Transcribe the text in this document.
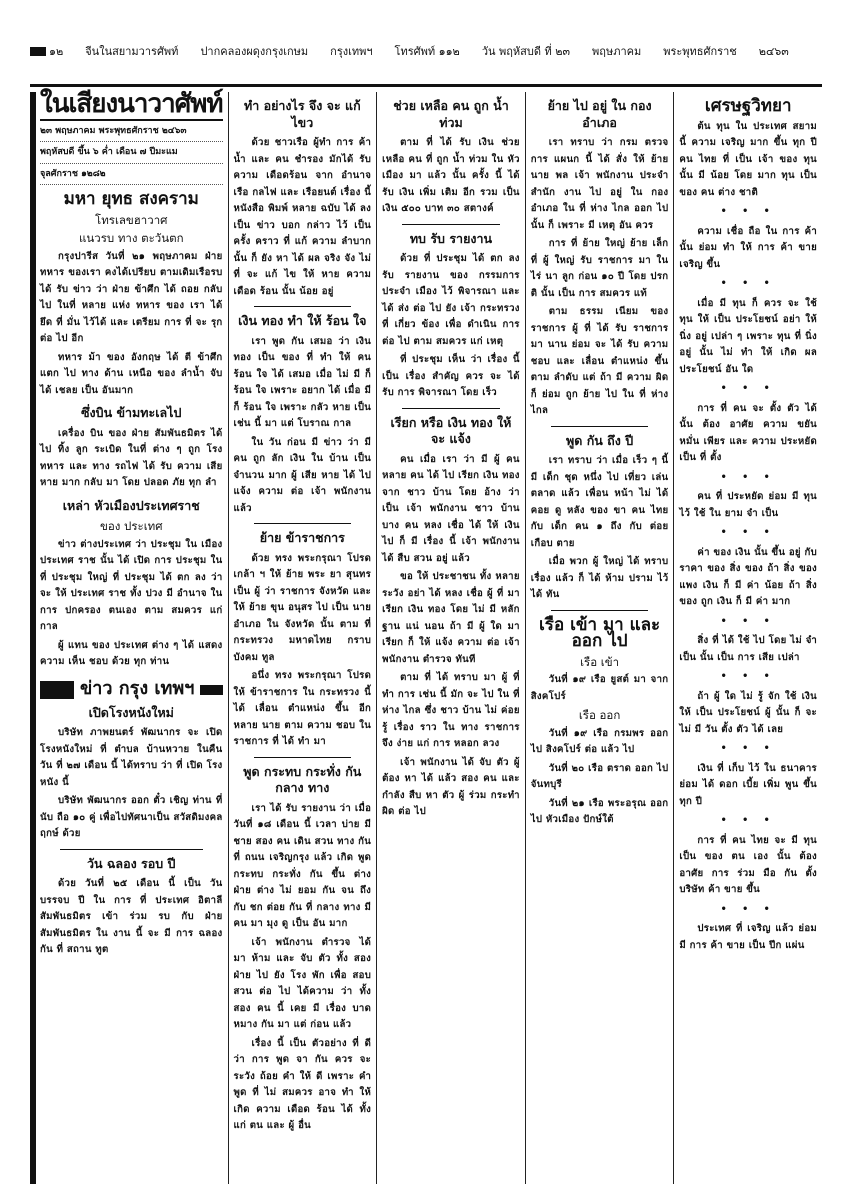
๑๒ จีนในสยามวารศัพท์ ปากคลองผดุงกรุงเกษม กรุงเทพฯ โทรศัพท์ ๑๑๒ วัน พฤหัสบดี ที่ ๒๓ พฤษภาคม พระพุทธศักราช ๒๔๖๓
ในเสียงนาวาศัพท์
๒๓ พฤษภาคม พระพุทธศักราช ๒๔๖๓
พฤหัสบดี ขึ้น ๖ ค่ำ เดือน ๗ ปีมะแม
จุลศักราช ๑๒๘๒
มหา ยุทธ สงคราม
โทรเลขฮาวาศ
แนวรบ ทาง ตะวันตก

กรุงปารีส วันที่ ๒๑ พฤษภาคม ฝ่ายทหาร ของเรา คงได้เปรียบ ตามเดิมเรือรบ ได้ รับ ข่าว ว่า ฝ่าย ข้าศึก ได้ ถอย กลับ ไป ในที่ หลาย แห่ง ทหาร ของ เรา ได้ ยึด ที่ มั่น ไว้ได้ และ เตรียม การ ที่ จะ รุก ต่อ ไป อีก

ทหาร ม้า ของ อังกฤษ ได้ ตี ข้าศึก แตก ไป ทาง ด้าน เหนือ ของ ลำน้ำ จับ ได้ เชลย เป็น อันมาก

ซึ่งบิน ข้ามทะเลไป

เครื่อง บิน ของ ฝ่าย สัมพันธมิตร ได้ ไป ทิ้ง ลูก ระเบิด ในที่ ต่าง ๆ ถูก โรง ทหาร และ ทาง รถไฟ ได้ รับ ความ เสียหาย มาก กลับ มา โดย ปลอด ภัย ทุก ลำ

เหล่า หัวเมืองประเทศราช
ของ ประเทศ

ข่าว ต่างประเทศ ว่า ประชุม ใน เมือง ประเทศ ราช นั้น ได้ เปิด การ ประชุม ใน ที่ ประชุม ใหญ่ ที่ ประชุม ได้ ตก ลง ว่า จะ ให้ ประเทศ ราช ทั้ง ปวง มี อำนาจ ใน การ ปกครอง ตนเอง ตาม สมควร แก่ กาล

ผู้ แทน ของ ประเทศ ต่าง ๆ ได้ แสดง ความ เห็น ชอบ ด้วย ทุก ท่าน

ข่าว กรุง เทพฯ
เปิดโรงหนังใหม่

บริษัท ภาพยนตร์ พัฒนากร จะ เปิด โรงหนังใหม่ ที่ ตำบล บ้านหวาย ในคืน วัน ที่ ๒๗ เดือน นี้ ได้ทราบ ว่า ที่ เปิด โรงหนัง นี้

บริษัท พัฒนากร ออก ตั๋ว เชิญ ท่าน ที่ นับ ถือ ๑๐ คู่ เพื่อไปทัศนาเป็น สวัสดิมงคล ฤกษ์ ด้วย

วัน ฉลอง รอบ ปี

ด้วย วันที่ ๒๕ เดือน นี้ เป็น วัน บรรจบ ปี ใน การ ที่ ประเทศ อิตาลี สัมพันธมิตร เข้า ร่วม รบ กับ ฝ่าย สัมพันธมิตร ใน งาน นี้ จะ มี การ ฉลอง กัน ที่ สถาน ทูต

ทำ อย่างไร จึง จะ แก้ ไขว

ด้วย ชาวเรือ ผู้ทำ การ ค้า น้ำ และ คน ชำรอง มักได้ รับ ความ เดือดร้อน จาก อำนาจ เรือ กลไฟ และ เรือยนต์ เรื่อง นี้ หนังสือ พิมพ์ หลาย ฉบับ ได้ ลง เป็น ข่าว บอก กล่าว ไว้ เป็น ครั้ง คราว ที่ แก้ ความ ลำบาก นั้น ก็ ยัง หา ได้ ผล จริง จัง ไม่ ที่ จะ แก้ ไข ให้ หาย ความ เดือด ร้อน นั้น น้อย อยู่

เงิน ทอง ทำ ให้ ร้อน ใจ

เรา พูด กัน เสมอ ว่า เงิน ทอง เป็น ของ ที่ ทำ ให้ คน ร้อน ใจ ได้ เสมอ เมื่อ ไม่ มี ก็ ร้อน ใจ เพราะ อยาก ได้ เมื่อ มี ก็ ร้อน ใจ เพราะ กลัว หาย เป็น เช่น นี้ มา แต่ โบราณ กาล

ใน วัน ก่อน มี ข่าว ว่า มี คน ถูก ลัก เงิน ใน บ้าน เป็น จำนวน มาก ผู้ เสีย หาย ได้ ไป แจ้ง ความ ต่อ เจ้า พนักงาน แล้ว

ย้าย ข้าราชการ

ด้วย ทรง พระกรุณา โปรดเกล้า ฯ ให้ ย้าย พระ ยา สุนทร เป็น ผู้ ว่า ราชการ จังหวัด และ ให้ ย้าย ขุน อนุสร ไป เป็น นาย อำเภอ ใน จังหวัด นั้น ตาม ที่ กระทรวง มหาดไทย กราบ บังคม ทูล

อนึ่ง ทรง พระกรุณา โปรด ให้ ข้าราชการ ใน กระทรวง นี้ ได้ เลื่อน ตำแหน่ง ขึ้น อีก หลาย นาย ตาม ความ ชอบ ใน ราชการ ที่ ได้ ทำ มา

พูด กระทบ กระทั่ง กัน กลาง ทาง

เรา ได้ รับ รายงาน ว่า เมื่อ วันที่ ๑๘ เดือน นี้ เวลา บ่าย มี ชาย สอง คน เดิน สวน ทาง กัน ที่ ถนน เจริญกรุง แล้ว เกิด พูด กระทบ กระทั่ง กัน ขึ้น ต่าง ฝ่าย ต่าง ไม่ ยอม กัน จน ถึง กับ ชก ต่อย กัน ที่ กลาง ทาง มี คน มา มุง ดู เป็น อัน มาก

เจ้า พนักงาน ตำรวจ ได้ มา ห้าม และ จับ ตัว ทั้ง สอง ฝ่าย ไป ยัง โรง พัก เพื่อ สอบ สวน ต่อ ไป ได้ความ ว่า ทั้ง สอง คน นี้ เคย มี เรื่อง บาด หมาง กัน มา แต่ ก่อน แล้ว

เรื่อง นี้ เป็น ตัวอย่าง ที่ ดี ว่า การ พูด จา กัน ควร จะ ระวัง ถ้อย คำ ให้ ดี เพราะ คำ พูด ที่ ไม่ สมควร อาจ ทำ ให้ เกิด ความ เดือด ร้อน ได้ ทั้ง แก่ ตน และ ผู้ อื่น

ช่วย เหลือ คน ถูก น้ำ ท่วม

ตาม ที่ ได้ รับ เงิน ช่วย เหลือ คน ที่ ถูก น้ำ ท่วม ใน หัว เมือง มา แล้ว นั้น ครั้ง นี้ ได้ รับ เงิน เพิ่ม เติม อีก รวม เป็น เงิน ๕๐๐ บาท ๓๐ สตางค์

ทบ รับ รายงาน

ด้วย ที่ ประชุม ได้ ตก ลง รับ รายงาน ของ กรรมการ ประจำ เมือง ไว้ พิจารณา และ ได้ ส่ง ต่อ ไป ยัง เจ้า กระทรวง ที่ เกี่ยว ข้อง เพื่อ ดำเนิน การ ต่อ ไป ตาม สมควร แก่ เหตุ

ที่ ประชุม เห็น ว่า เรื่อง นี้ เป็น เรื่อง สำคัญ ควร จะ ได้ รับ การ พิจารณา โดย เร็ว

เรียก หรือ เงิน ทอง ให้ จะ แจ้ง

คน เมื่อ เรา ว่า มี ผู้ คน หลาย คน ได้ ไป เรียก เงิน ทอง จาก ชาว บ้าน โดย อ้าง ว่า เป็น เจ้า พนักงาน ชาว บ้าน บาง คน หลง เชื่อ ได้ ให้ เงิน ไป ก็ มี เรื่อง นี้ เจ้า พนักงาน ได้ สืบ สวน อยู่ แล้ว

ขอ ให้ ประชาชน ทั้ง หลาย ระวัง อย่า ได้ หลง เชื่อ ผู้ ที่ มา เรียก เงิน ทอง โดย ไม่ มี หลัก ฐาน แน่ นอน ถ้า มี ผู้ ใด มา เรียก ก็ ให้ แจ้ง ความ ต่อ เจ้า พนักงาน ตำรวจ ทันที

ตาม ที่ ได้ ทราบ มา ผู้ ที่ ทำ การ เช่น นี้ มัก จะ ไป ใน ที่ ห่าง ไกล ซึ่ง ชาว บ้าน ไม่ ค่อย รู้ เรื่อง ราว ใน ทาง ราชการ จึง ง่าย แก่ การ หลอก ลวง

เจ้า พนักงาน ได้ จับ ตัว ผู้ ต้อง หา ได้ แล้ว สอง คน และ กำลัง สืบ หา ตัว ผู้ ร่วม กระทำ ผิด ต่อ ไป

ย้าย ไป อยู่ ใน กอง อำเภอ

เรา ทราบ ว่า กรม ตรวจ การ แผนก นี้ ได้ สั่ง ให้ ย้าย นาย พล เจ้า พนักงาน ประจำ สำนัก งาน ไป อยู่ ใน กอง อำเภอ ใน ที่ ห่าง ไกล ออก ไป นั้น ก็ เพราะ มี เหตุ อัน ควร

การ ที่ ย้าย ใหญ่ ย้าย เล็ก ที่ ผู้ ใหญ่ รับ ราชการ มา ใน ไร่ นา ลูก ก่อน ๑๐ ปี โดย ปรก ติ นั้น เป็น การ สมควร แท้

ตาม ธรรม เนียม ของ ราชการ ผู้ ที่ ได้ รับ ราชการ มา นาน ย่อม จะ ได้ รับ ความ ชอบ และ เลื่อน ตำแหน่ง ขึ้น ตาม ลำดับ แต่ ถ้า มี ความ ผิด ก็ ย่อม ถูก ย้าย ไป ใน ที่ ห่าง ไกล

พูด กัน ถึง ปี

เรา ทราบ ว่า เมื่อ เร็ว ๆ นี้ มี เด็ก ชุด หนึ่ง ไป เที่ยว เล่น ตลาด แล้ว เพื่อน หน้า ไม่ ได้ คอย ดู หลัง ของ ขา คน ไทย กับ เด็ก คน ๑ ถึง กับ ต่อย เกือบ ตาย

เมื่อ พวก ผู้ ใหญ่ ได้ ทราบ เรื่อง แล้ว ก็ ได้ ห้าม ปราม ไว้ ได้ ทัน

เรือ เข้า มา และ ออก ไป
เรือ เข้า

วันที่ ๑๙ เรือ ยูสต์ มา จาก สิงคโปร์

เรือ ออก

วันที่ ๑๙ เรือ กรมพร ออก ไป สิงคโปร์ ต่อ แล้ว ไป

วันที่ ๒๐ เรือ ตราด ออก ไป จันทบุรี

วันที่ ๒๑ เรือ พระอรุณ ออก ไป หัวเมือง ปักษ์ใต้

เศรษฐวิทยา

ต้น ทุน ใน ประเทศ สยาม นี้ ความ เจริญ มาก ขึ้น ทุก ปี คน ไทย ที่ เป็น เจ้า ของ ทุน นั้น มี น้อย โดย มาก ทุน เป็น ของ คน ต่าง ชาติ

• • •

ความ เชื่อ ถือ ใน การ ค้า นั้น ย่อม ทำ ให้ การ ค้า ขาย เจริญ ขึ้น

• • •

เมื่อ มี ทุน ก็ ควร จะ ใช้ ทุน ให้ เป็น ประโยชน์ อย่า ให้ นิ่ง อยู่ เปล่า ๆ เพราะ ทุน ที่ นิ่ง อยู่ นั้น ไม่ ทำ ให้ เกิด ผล ประโยชน์ อัน ใด

• • •

การ ที่ คน จะ ตั้ง ตัว ได้ นั้น ต้อง อาศัย ความ ขยัน หมั่น เพียร และ ความ ประหยัด เป็น ที่ ตั้ง

• • •

คน ที่ ประหยัด ย่อม มี ทุน ไว้ ใช้ ใน ยาม จำ เป็น

• • •

ค่า ของ เงิน นั้น ขึ้น อยู่ กับ ราคา ของ สิ่ง ของ ถ้า สิ่ง ของ แพง เงิน ก็ มี ค่า น้อย ถ้า สิ่ง ของ ถูก เงิน ก็ มี ค่า มาก

• • •

สิ่ง ที่ ได้ ใช้ ไป โดย ไม่ จำ เป็น นั้น เป็น การ เสีย เปล่า

• • •

ถ้า ผู้ ใด ไม่ รู้ จัก ใช้ เงิน ให้ เป็น ประโยชน์ ผู้ นั้น ก็ จะ ไม่ มี วัน ตั้ง ตัว ได้ เลย

• • •

เงิน ที่ เก็บ ไว้ ใน ธนาคาร ย่อม ได้ ดอก เบี้ย เพิ่ม พูน ขึ้น ทุก ปี

• • •

การ ที่ คน ไทย จะ มี ทุน เป็น ของ ตน เอง นั้น ต้อง อาศัย การ ร่วม มือ กัน ตั้ง บริษัท ค้า ขาย ขึ้น

• • •

ประเทศ ที่ เจริญ แล้ว ย่อม มี การ ค้า ขาย เป็น ปึก แผ่น
